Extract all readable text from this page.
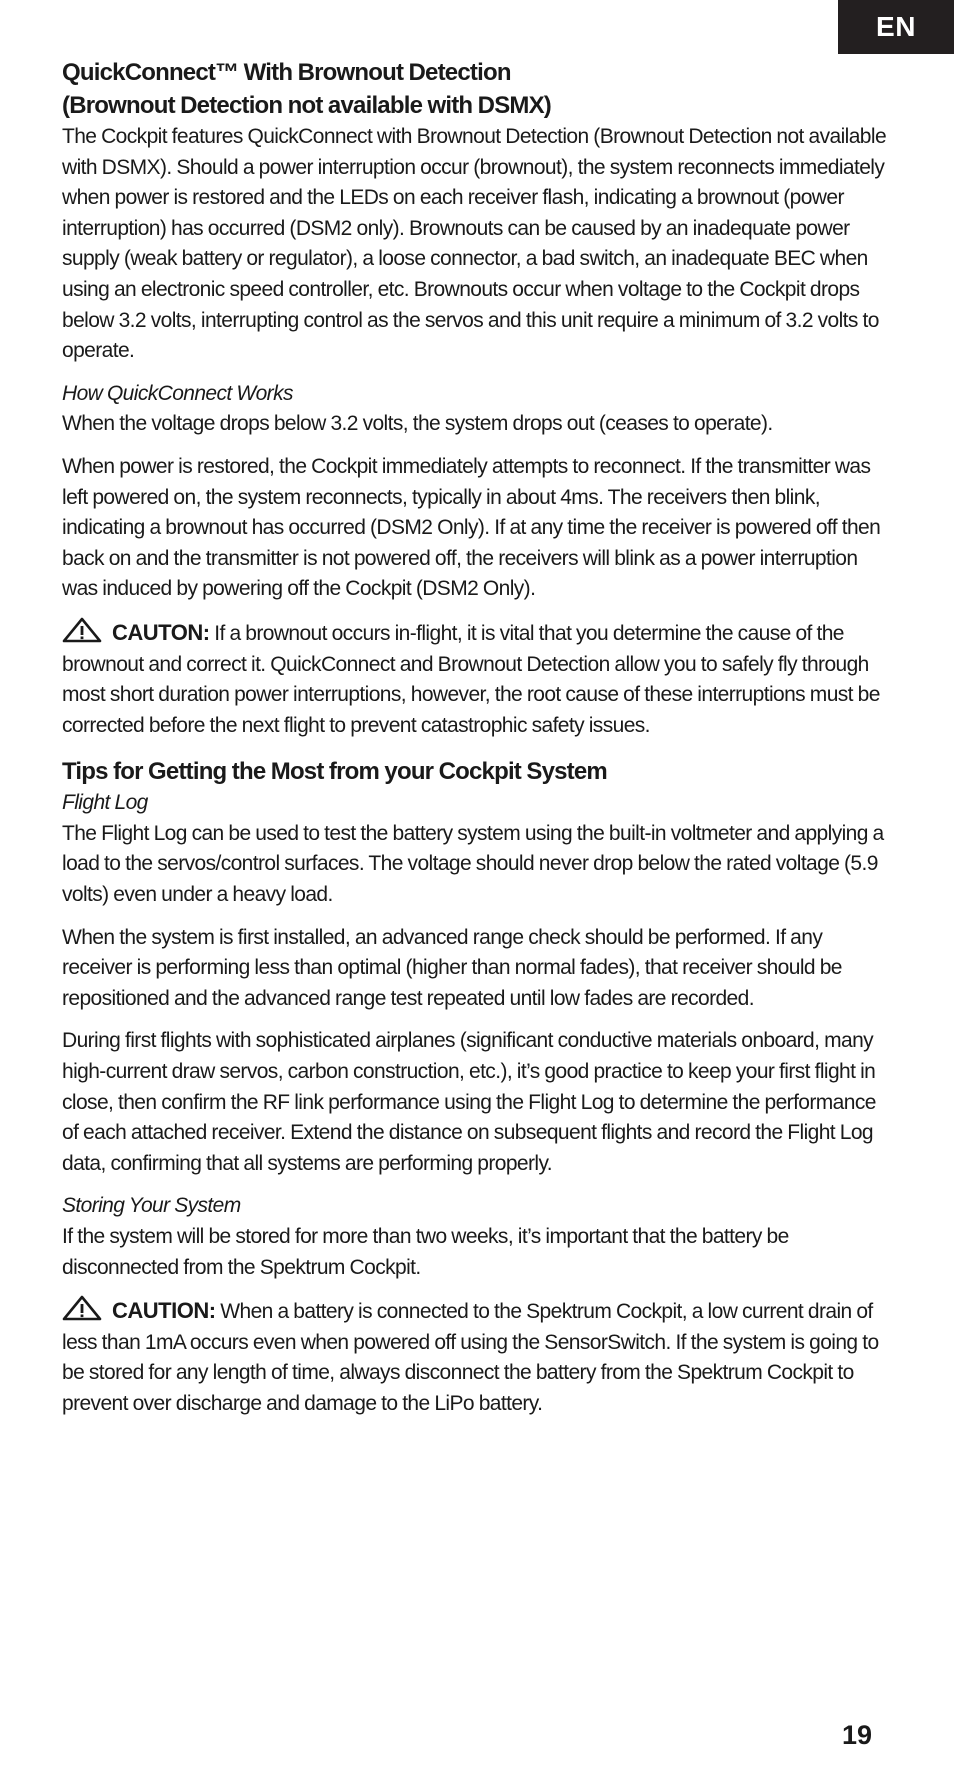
EN
QuickConnect™ With Brownout Detection
(Brownout Detection not available with DSMX)

The Cockpit features QuickConnect with Brownout Detection (Brownout Detection not available with DSMX). Should a power interruption occur (brownout), the system reconnects immediately when power is restored and the LEDs on each receiver flash, indicating a brownout (power interruption) has occurred (DSM2 only). Brownouts can be caused by an inadequate power supply (weak battery or regulator), a loose connector, a bad switch, an inadequate BEC when using an electronic speed controller, etc. Brownouts occur when voltage to the Cockpit drops below 3.2 volts, interrupting control as the servos and this unit require a minimum of 3.2 volts to operate.

How QuickConnect Works
When the voltage drops below 3.2 volts, the system drops out (ceases to operate).

When power is restored, the Cockpit immediately attempts to reconnect. If the transmitter was left powered on, the system reconnects, typically in about 4ms. The receivers then blink, indicating a brownout has occurred (DSM2 Only). If at any time the receiver is powered off then back on and the transmitter is not powered off, the receivers will blink as a power interruption was induced by powering off the Cockpit (DSM2 Only).

CAUTON: If a brownout occurs in-flight, it is vital that you determine the cause of the brownout and correct it. QuickConnect and Brownout Detection allow you to safely fly through most short duration power interruptions, however, the root cause of these interruptions must be corrected before the next flight to prevent catastrophic safety issues.

Tips for Getting the Most from your Cockpit System

Flight Log
The Flight Log can be used to test the battery system using the built-in voltmeter and applying a load to the servos/control surfaces. The voltage should never drop below the rated voltage (5.9 volts) even under a heavy load.

When the system is first installed, an advanced range check should be performed. If any receiver is performing less than optimal (higher than normal fades), that receiver should be repositioned and the advanced range test repeated until low fades are recorded.

During first flights with sophisticated airplanes (significant conductive materials onboard, many high-current draw servos, carbon construction, etc.), it’s good practice to keep your first flight in close, then confirm the RF link performance using the Flight Log to determine the performance of each attached receiver. Extend the distance on subsequent flights and record the Flight Log data, confirming that all systems are performing properly.

Storing Your System
If the system will be stored for more than two weeks, it’s important that the battery be disconnected from the Spektrum Cockpit.

CAUTION: When a battery is connected to the Spektrum Cockpit, a low current drain of less than 1mA occurs even when powered off using the SensorSwitch. If the system is going to be stored for any length of time, always disconnect the battery from the Spektrum Cockpit to prevent over discharge and damage to the LiPo battery.

19
